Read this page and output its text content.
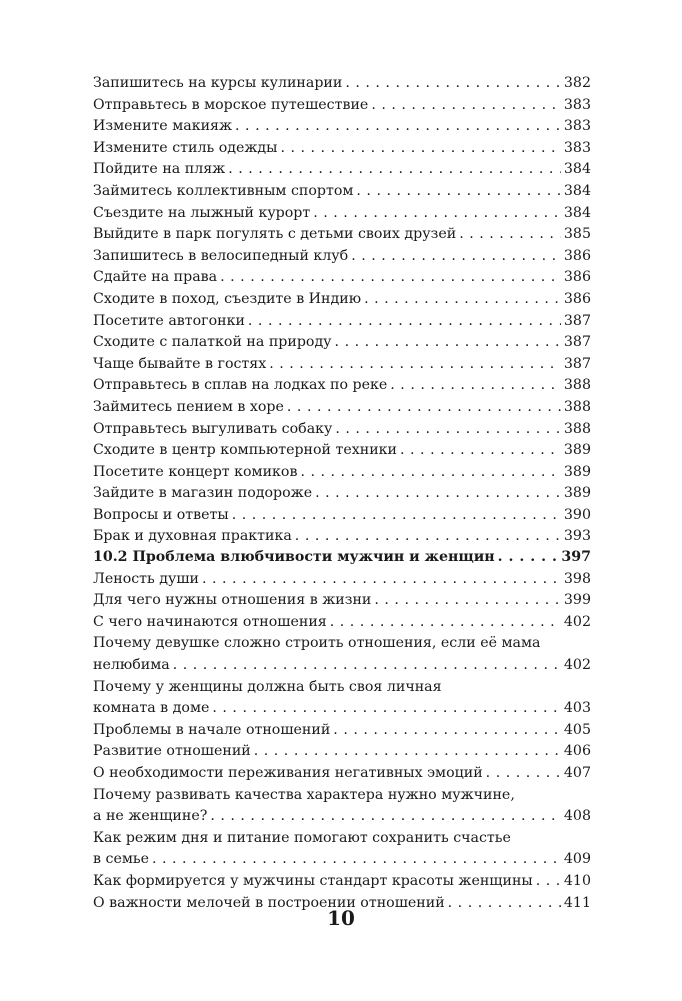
Запишитесь на курсы кулинарии . . .	382
Отправьтесь в морское путешествие . . .	383
Измените макияж . . .	383
Измените стиль одежды . . .	383
Пойдите на пляж . . .	384
Займитесь коллективным спортом . . .	384
Съездите на лыжный курорт . . .	384
Выйдите в парк погулять с детьми своих друзей . . .	385
Запишитесь в велосипедный клуб . . .	386
Сдайте на права . . .	386
Сходите в поход, съездите в Индию . . .	386
Посетите автогонки . . .	387
Сходите с палаткой на природу . . .	387
Чаще бывайте в гостях . . .	387
Отправьтесь в сплав на лодках по реке . . .	388
Займитесь пением в хоре . . .	388
Отправьтесь выгуливать собаку . . .	388
Сходите в центр компьютерной техники . . .	389
Посетите концерт комиков . . .	389
Зайдите в магазин подороже . . .	389
Вопросы и ответы . . .	390
Брак и духовная практика . . .	393
10.2 Проблема влюбчивости мужчин и женщин . . .	397
Леность души . . .	398
Для чего нужны отношения в жизни . . .	399
С чего начинаются отношения . . .	402
Почему девушке сложно строить отношения, если её мама
нелюбима . . .	402
Почему у женщины должна быть своя личная
комната в доме . . .	403
Проблемы в начале отношений . . .	405
Развитие отношений . . .	406
О необходимости переживания негативных эмоций . . .	407
Почему развивать качества характера нужно мужчине,
а не женщине? . . .	408
Как режим дня и питание помогают сохранить счастье
в семье . . .	409
Как формируется у мужчины стандарт красоты женщины . . . 410
О важности мелочей в построении отношений . . .	411
10
